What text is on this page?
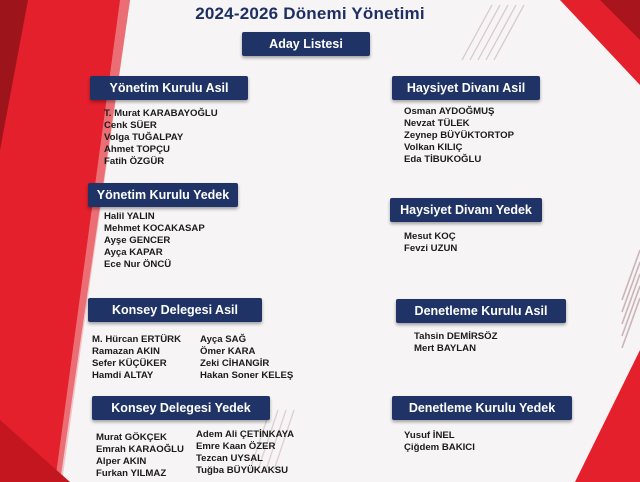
2024-2026 Dönemi Yönetimi
Aday Listesi
Yönetim Kurulu Asil
T. Murat KARABAYOĞLU
Cenk SÜER
Volga TUĞALPAY
Ahmet TOPÇU
Fatih ÖZGÜR
Yönetim Kurulu Yedek
Halil YALIN
Mehmet KOCAKASAP
Ayşe GENCER
Ayça KAPAR
Ece Nur ÖNCÜ
Haysiyet Divanı Asil
Osman AYDOĞMUŞ
Nevzat TÜLEK
Zeynep BÜYÜKTORTOP
Volkan KILIÇ
Eda TİBUKOĞLU
Haysiyet Divanı Yedek
Mesut KOÇ
Fevzi UZUN
Konsey Delegesi Asil
M. Hürcan ERTÜRK
Ramazan AKIN
Sefer KÜÇÜKER
Hamdi ALTAY
Ayça SAĞ
Ömer KARA
Zeki CİHANGİR
Hakan Soner KELEŞ
Konsey Delegesi Yedek
Murat GÖKÇEK
Emrah KARAOĞLU
Alper AKIN
Furkan YILMAZ
Adem Ali ÇETİNKAYA
Emre Kaan ÖZER
Tezcan UYSAL
Tuğba BÜYÜKAKSU
Denetleme Kurulu Asil
Tahsin DEMİRSÖZ
Mert BAYLAN
Denetleme Kurulu Yedek
Yusuf İNEL
Çiğdem BAKICI
